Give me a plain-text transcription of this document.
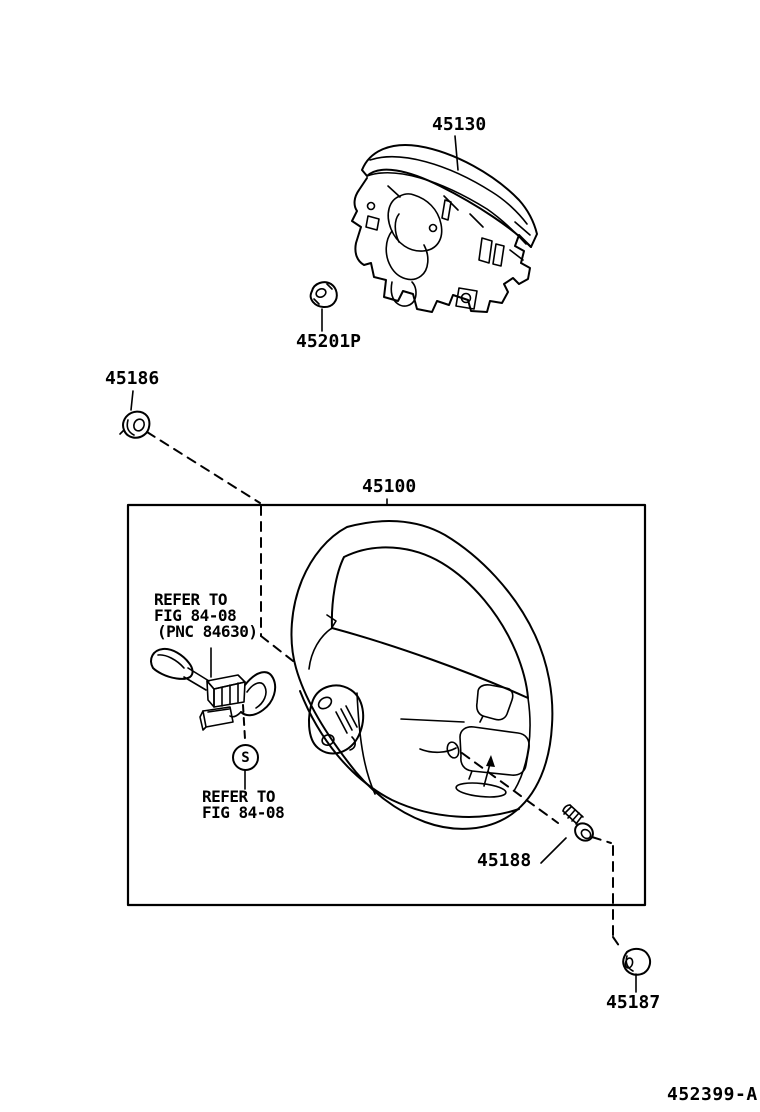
45130
45201P
45186
45100
REFER TO
FIG 84-08
(PNC 84630)
S
REFER TO
FIG 84-08
45188
45187
452399-A
